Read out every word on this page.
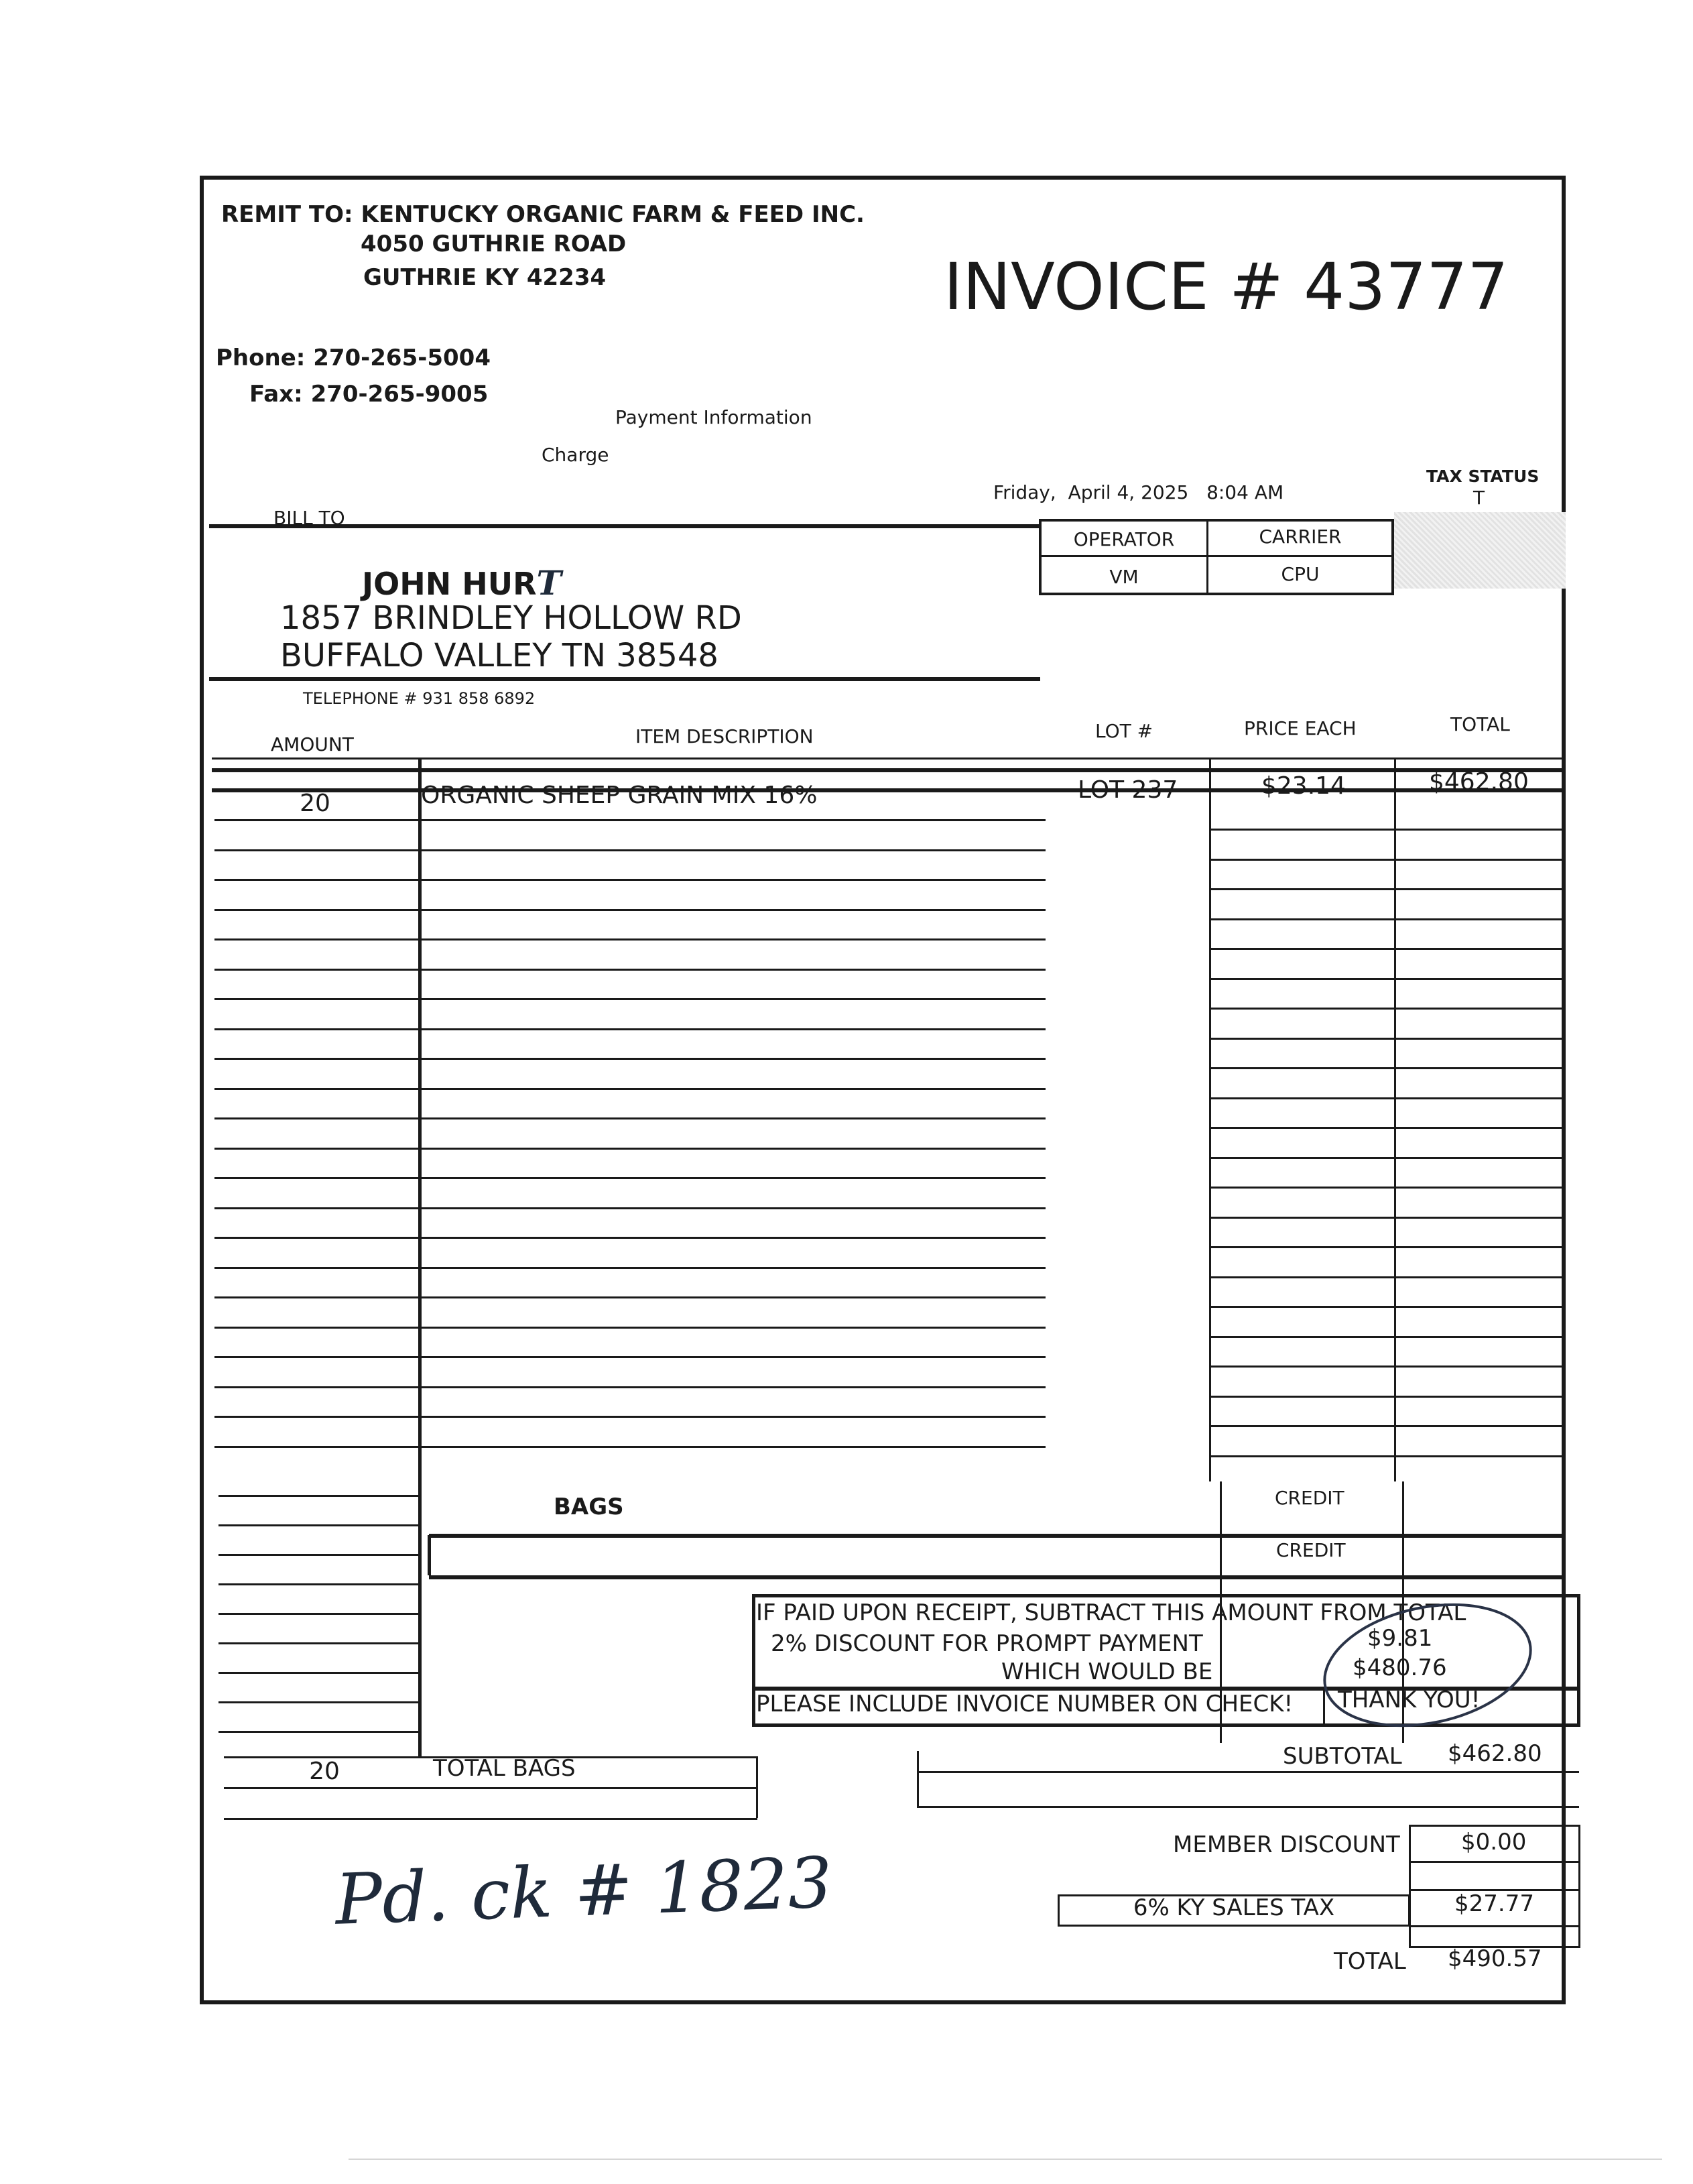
REMIT TO: KENTUCKY ORGANIC FARM & FEED INC.
4050 GUTHRIE ROAD
GUTHRIE KY 42234	INVOICE # 43777
Phone: 270-265-5004
Fax: 270-265-9005
Payment Information
Charge
Friday, April 4, 2025 8:04 AM
TAX STATUS
T
BILL TO
OPERATOR	CARRIER
VM	CPU
JOHN HURT
1857 BRINDLEY HOLLOW RD
BUFFALO VALLEY TN 38548
TELEPHONE # 931 858 6892
AMOUNT	ITEM DESCRIPTION	LOT #	PRICE EACH	TOTAL
20	ORGANIC SHEEP GRAIN MIX 16%	LOT 237	$23.14	$462.80
BAGS	CREDIT
CREDIT
IF PAID UPON RECEIPT, SUBTRACT THIS AMOUNT FROM TOTAL
2% DISCOUNT FOR PROMPT PAYMENT	$9.81
WHICH WOULD BE	$480.76
PLEASE INCLUDE INVOICE NUMBER ON CHECK! THANK YOU!
20	TOTAL BAGS	SUBTOTAL $462.80
MEMBER DISCOUNT	$0.00
6% KY SALES TAX	$27.77
TOTAL $490.57
Pd. ck # 1823
